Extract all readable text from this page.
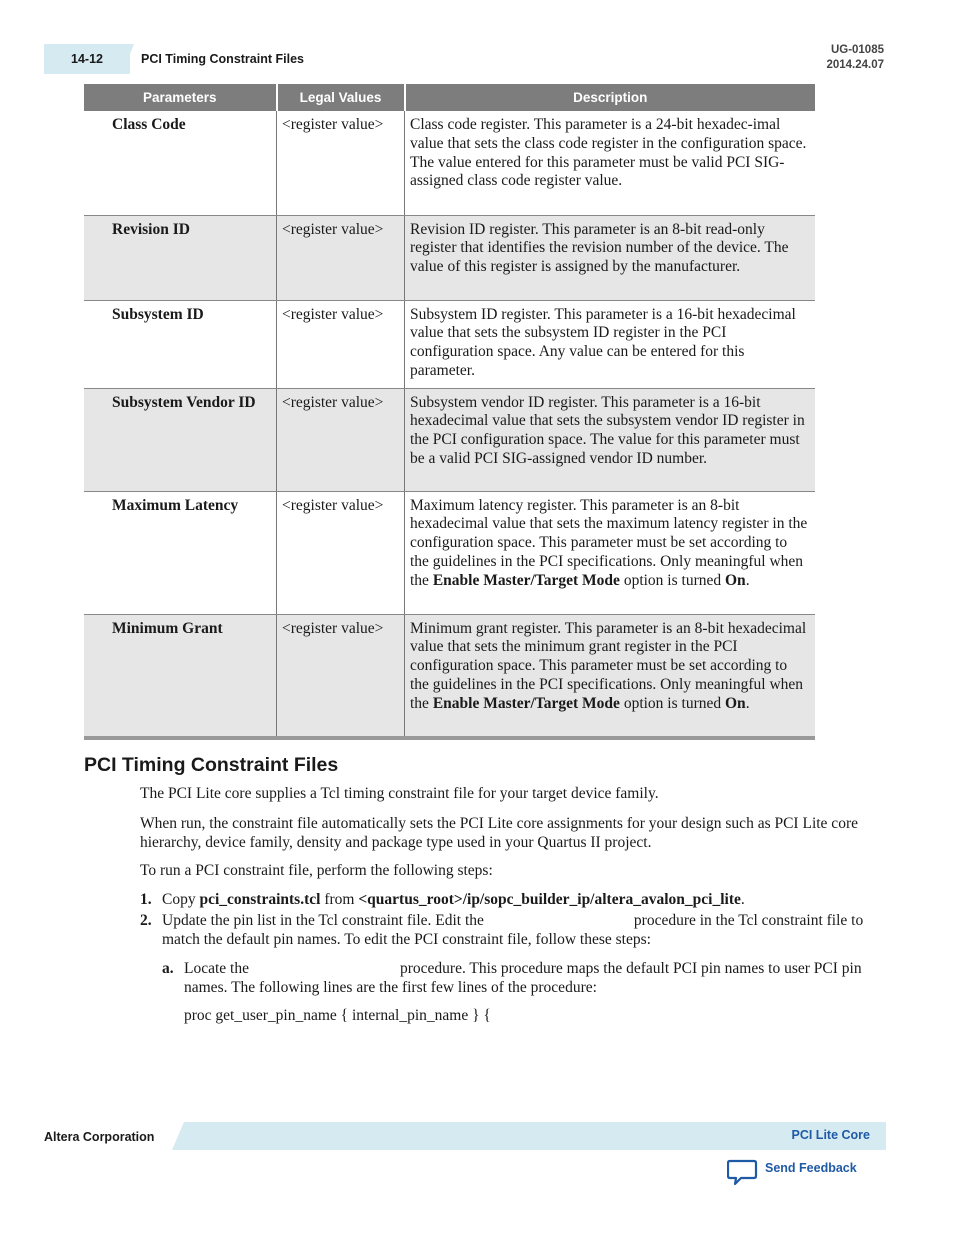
14-12	PCI Timing Constraint Files
UG-01085
2014.24.07
Parameters	Legal Values	Description
Class Code	<register value>	Class code register. This parameter is a 24-bit hexadec-imal value that sets the class code register in the configuration space. The value entered for this parameter must be valid PCI SIG-assigned class code register value.
Revision ID	<register value>	Revision ID register. This parameter is an 8-bit read-only register that identifies the revision number of the device. The value of this register is assigned by the manufacturer.
Subsystem ID	<register value>	Subsystem ID register. This parameter is a 16-bit hexadecimal value that sets the subsystem ID register in the PCI configuration space. Any value can be entered for this parameter.
Subsystem Vendor ID	<register value>	Subsystem vendor ID register. This parameter is a 16-bit hexadecimal value that sets the subsystem vendor ID register in the PCI configuration space. The value for this parameter must be a valid PCI SIG-assigned vendor ID number.
Maximum Latency	<register value>	Maximum latency register. This parameter is an 8-bit hexadecimal value that sets the maximum latency register in the configuration space. This parameter must be set according to the guidelines in the PCI specifications. Only meaningful when the Enable Master/Target Mode option is turned On.
Minimum Grant	<register value>	Minimum grant register. This parameter is an 8-bit hexadecimal value that sets the minimum grant register in the PCI configuration space. This parameter must be set according to the guidelines in the PCI specifications. Only meaningful when the Enable Master/Target Mode option is turned On.
PCI Timing Constraint Files
The PCI Lite core supplies a Tcl timing constraint file for your target device family.
When run, the constraint file automatically sets the PCI Lite core assignments for your design such as PCI Lite core hierarchy, device family, density and package type used in your Quartus II project.
To run a PCI constraint file, perform the following steps:
1. Copy pci_constraints.tcl from <quartus_root>/ip/sopc_builder_ip/altera_avalon_pci_lite.
2. Update the pin list in the Tcl constraint file. Edit the	procedure in the Tcl constraint file to match the default pin names. To edit the PCI constraint file, follow these steps:
a. Locate the	procedure. This procedure maps the default PCI pin names to user PCI pin names. The following lines are the first few lines of the procedure:
proc get_user_pin_name { internal_pin_name } {
Altera Corporation	PCI Lite Core
Send Feedback
